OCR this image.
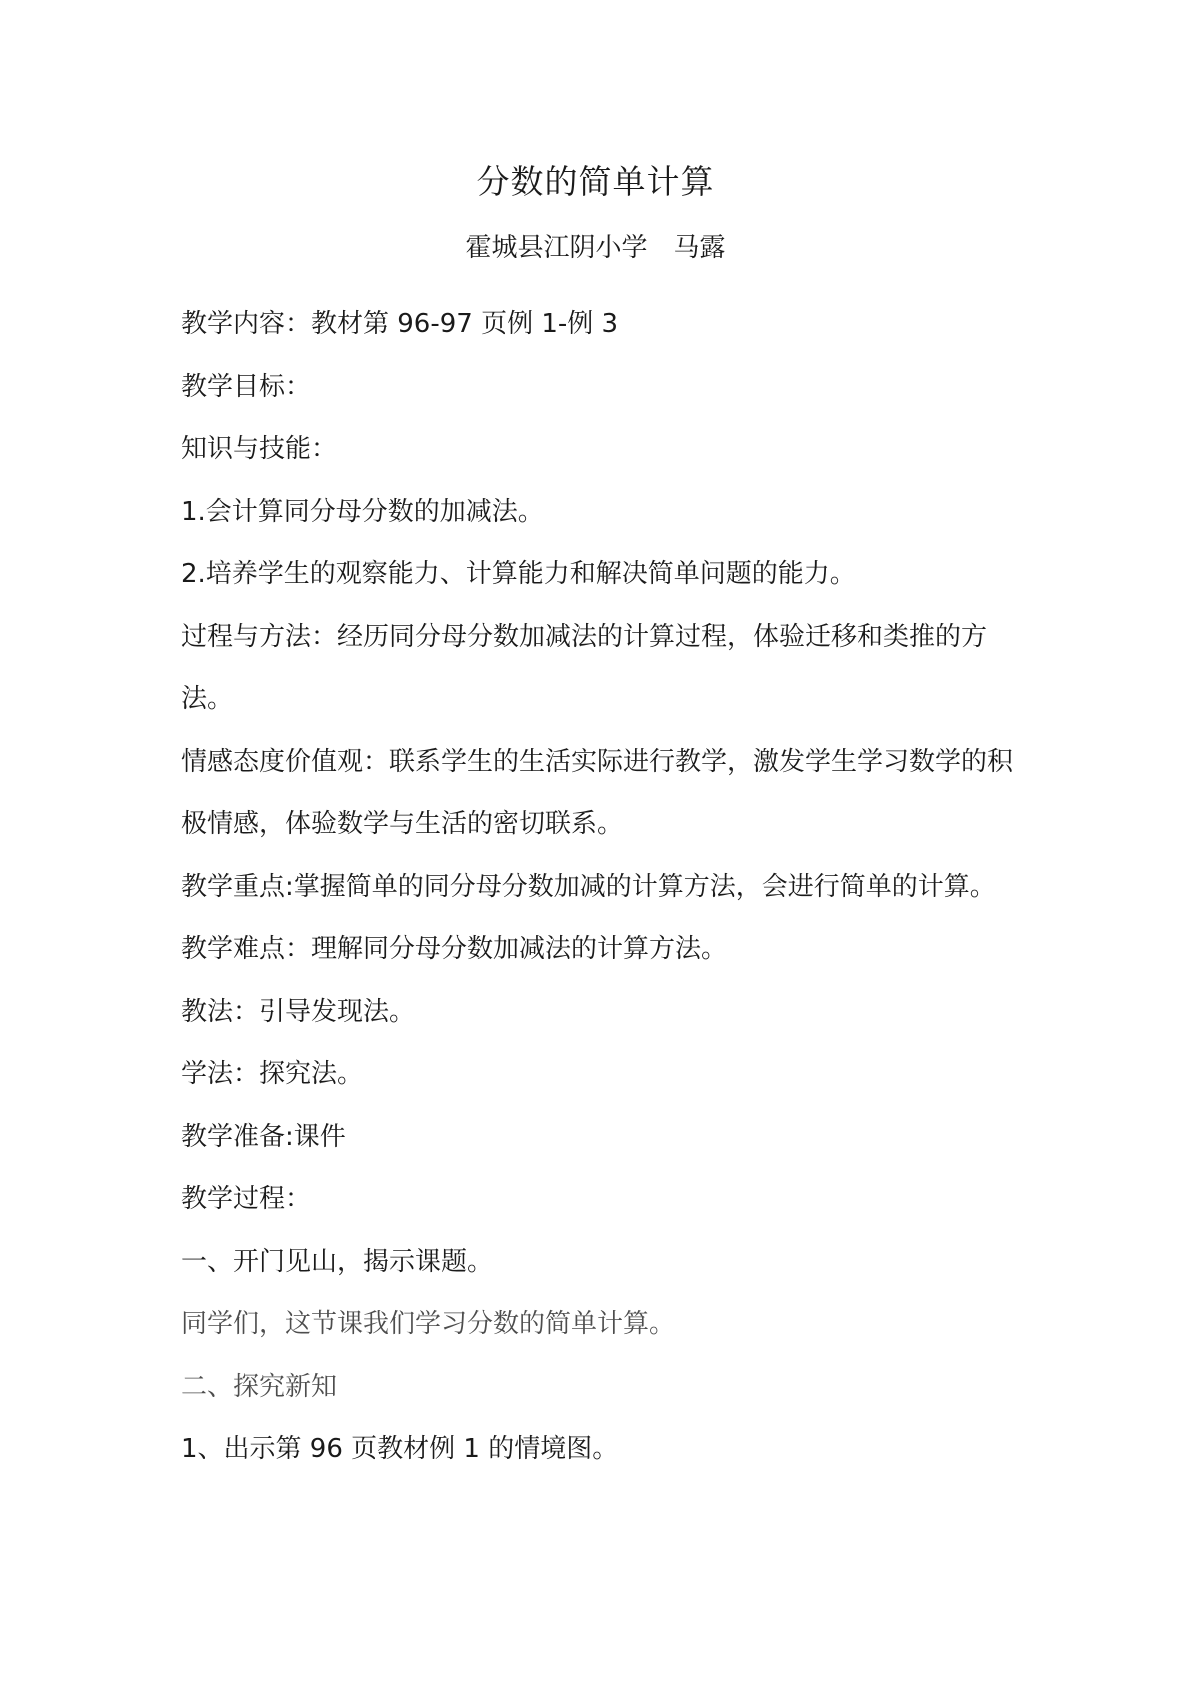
分数的简单计算
霍城县江阴小学　马露

教学内容：教材第 96-97 页例 1-例 3

教学目标：

知识与技能：

1.会计算同分母分数的加减法。

2.培养学生的观察能力、计算能力和解决简单问题的能力。

过程与方法：经历同分母分数加减法的计算过程，体验迁移和类推的方法。

情感态度价值观：联系学生的生活实际进行教学，激发学生学习数学的积极情感，体验数学与生活的密切联系。

教学重点:掌握简单的同分母分数加减的计算方法，会进行简单的计算。

教学难点：理解同分母分数加减法的计算方法。

教法：引导发现法。

学法：探究法。

教学准备:课件

教学过程：

一、开门见山，揭示课题。

同学们，这节课我们学习分数的简单计算。

二、探究新知

1、出示第 96 页教材例 1 的情境图。
